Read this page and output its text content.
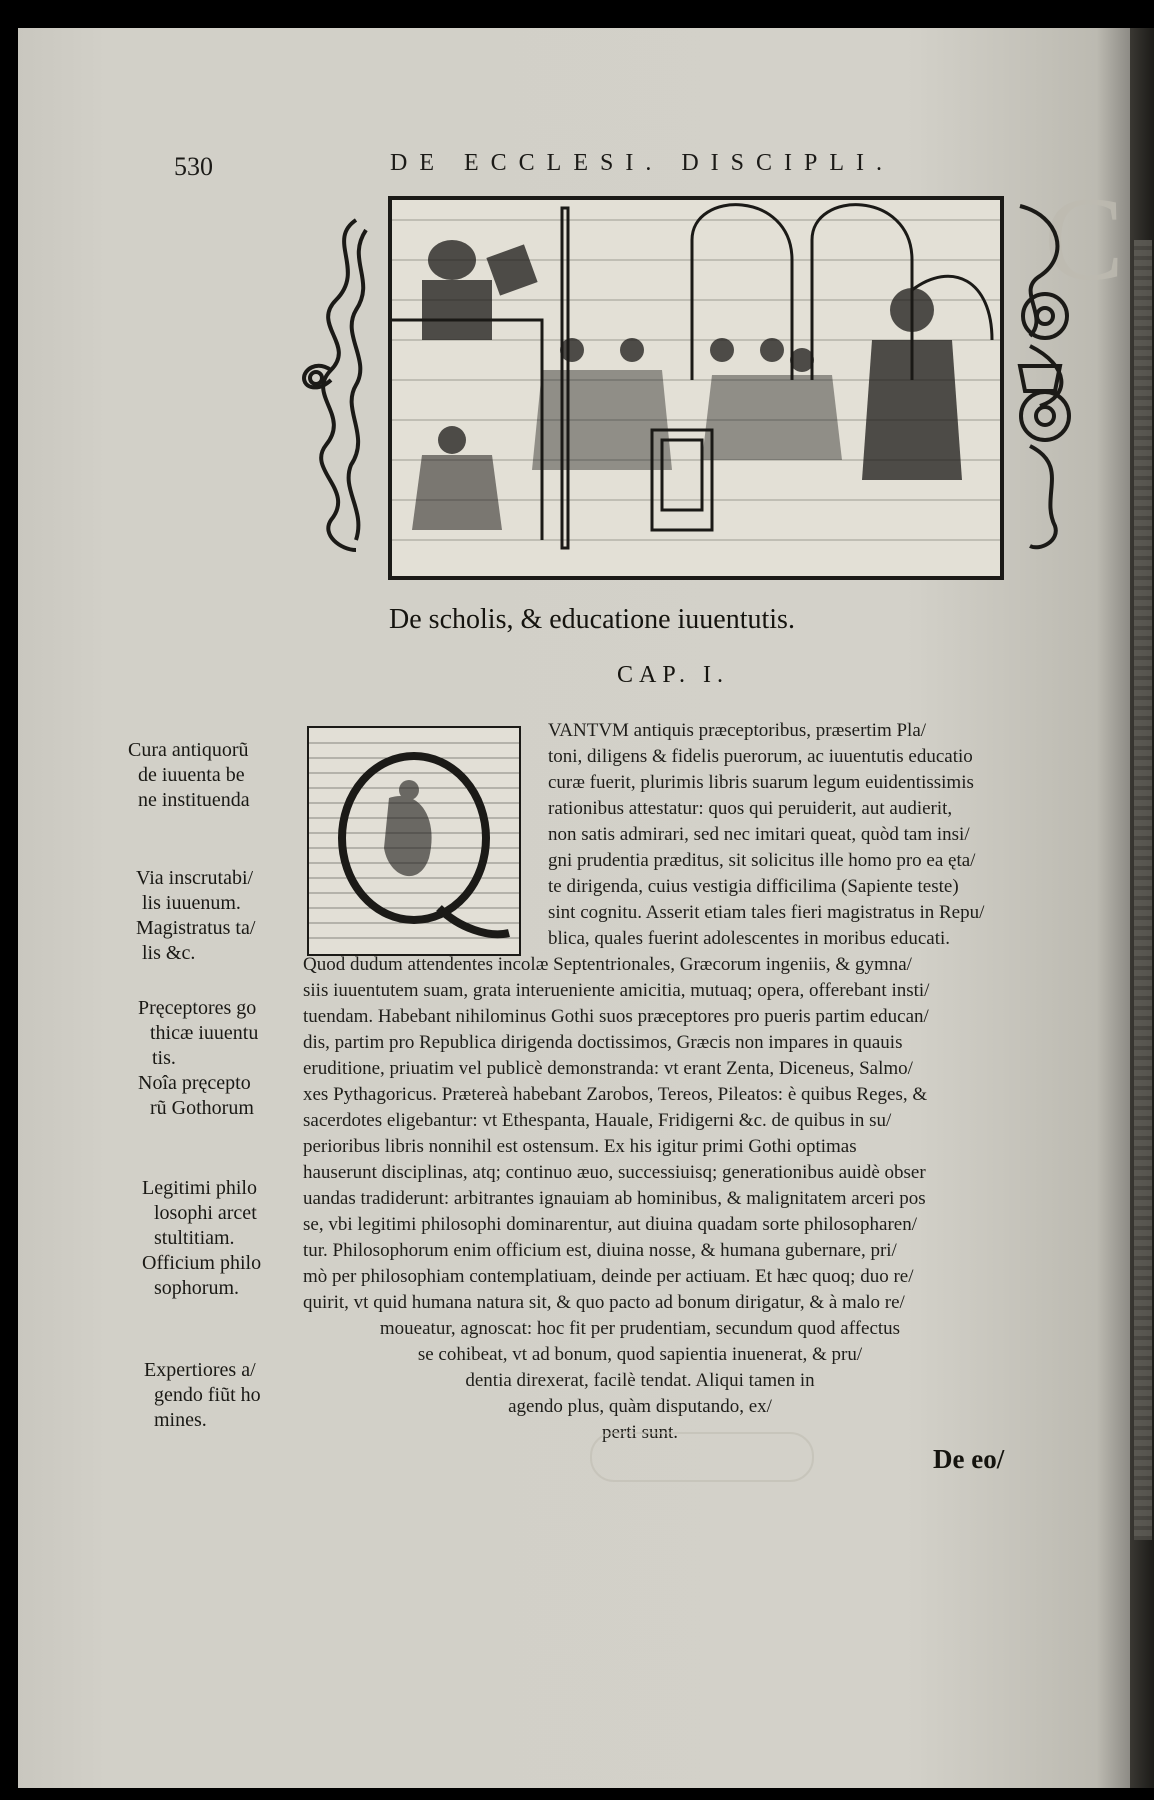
C
530	DE ECCLESI. DISCIPLI.
De scholis, & educatione iuuentutis.
CAP. I.
Cura antiquorũ
de iuuenta be
ne instituenda
Via inscrutabi/
lis iuuenum.
Magistratus ta/
lis &c.
Pręceptores go
thicæ iuuentu
tis.
Noîa pręcepto
rũ Gothorum
Legitimi philo
losophi arcet
stultitiam.
Officium philo
sophorum.
Expertiores a/
gendo fiũt ho
mines.
VANTVM antiquis præceptoribus, præsertim Pla/
toni, diligens & fidelis puerorum, ac iuuentutis educatio
curæ fuerit, plurimis libris suarum legum euidentissimis
rationibus attestatur: quos qui peruiderit, aut audierit,
non satis admirari, sed nec imitari queat, quòd tam insi/
gni prudentia præditus, sit solicitus ille homo pro ea ęta/
te dirigenda, cuius vestigia difficilima (Sapiente teste)
sint cognitu. Asserit etiam tales fieri magistratus in Repu/
blica, quales fuerint adolescentes in moribus educati.
Quod dudum attendentes incolæ Septentrionales, Græcorum ingeniis, & gymna/
siis iuuentutem suam, grata interueniente amicitia, mutuaq; opera, offerebant insti/
tuendam. Habebant nihilominus Gothi suos præceptores pro pueris partim educan/
dis, partim pro Republica dirigenda doctissimos, Græcis non impares in quauis
eruditione, priuatim vel publicè demonstranda: vt erant Zenta, Diceneus, Salmo/
xes Pythagoricus. Prætereà habebant Zarobos, Tereos, Pileatos: è quibus Reges, &
sacerdotes eligebantur: vt Ethespanta, Hauale, Fridigerni &c. de quibus in su/
perioribus libris nonnihil est ostensum. Ex his igitur primi Gothi optimas
hauserunt disciplinas, atq; continuo æuo, successiuisq; generationibus auidè obser
uandas tradiderunt: arbitrantes ignauiam ab hominibus, & malignitatem arceri pos
se, vbi legitimi philosophi dominarentur, aut diuina quadam sorte philosopharen/
tur. Philosophorum enim officium est, diuina nosse, & humana gubernare, pri/
mò per philosophiam contemplatiuam, deinde per actiuam. Et hæc quoq; duo re/
quirit, vt quid humana natura sit, & quo pacto ad bonum dirigatur, & à malo re/
moueatur, agnoscat: hoc fit per prudentiam, secundum quod affectus
se cohibeat, vt ad bonum, quod sapientia inuenerat, & pru/
dentia direxerat, facilè tendat. Aliqui tamen in
agendo plus, quàm disputando, ex/
perti sunt.
De eo/
